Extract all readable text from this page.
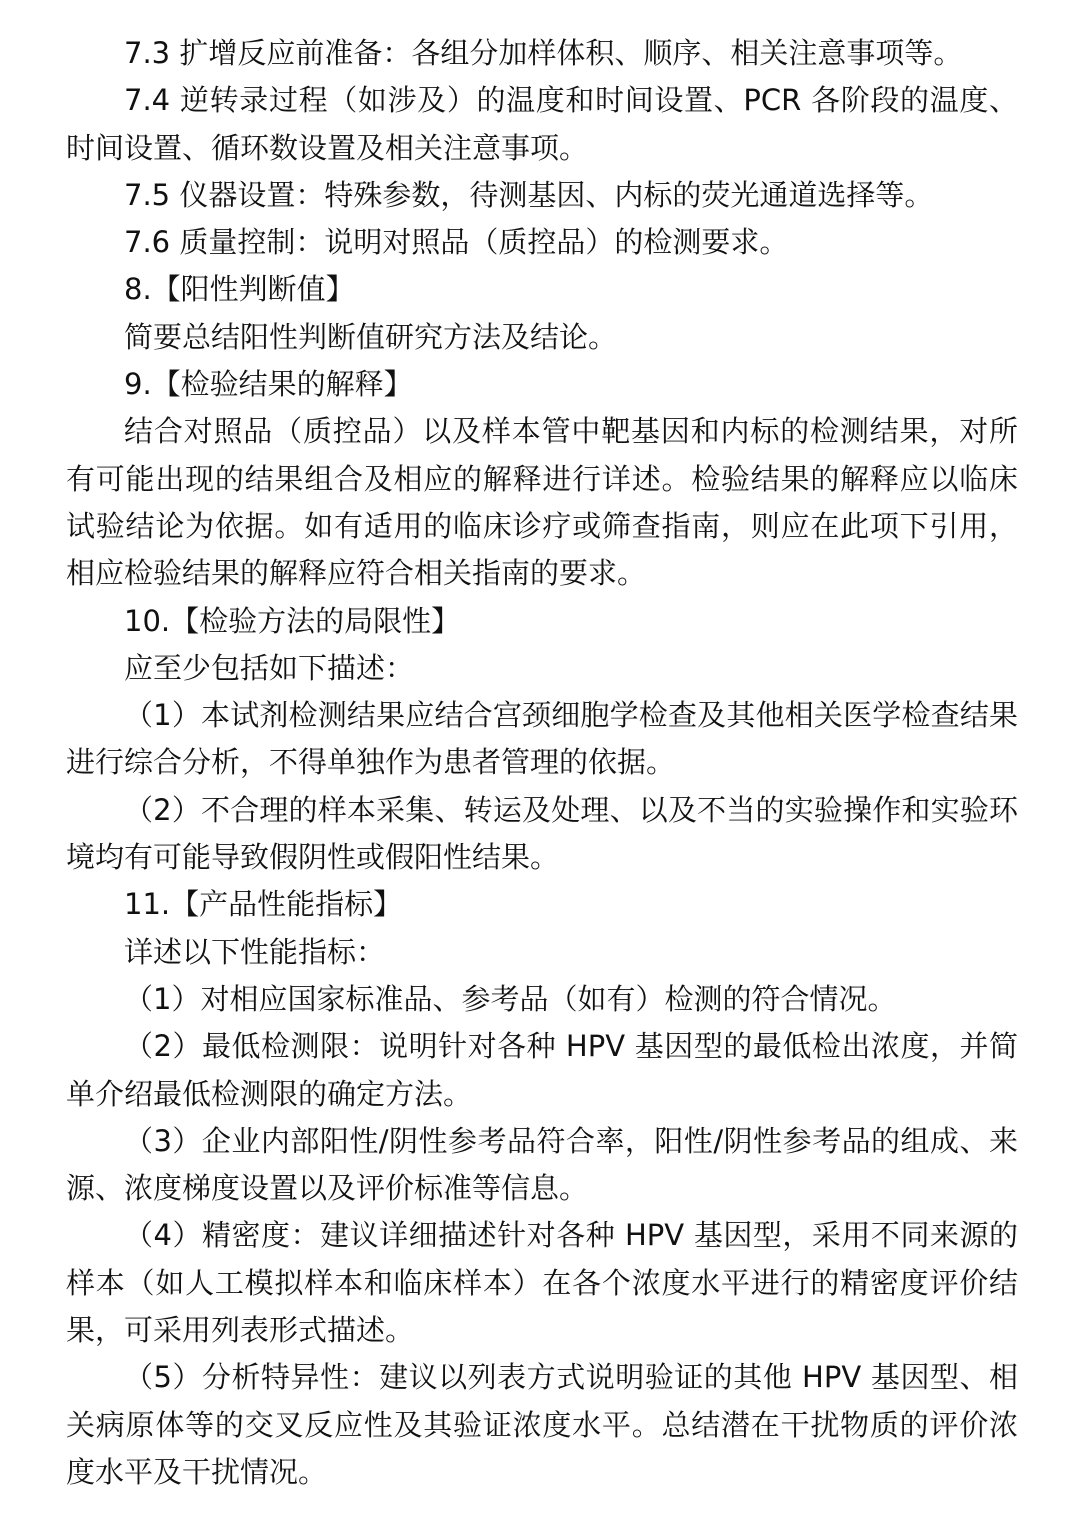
7.3 扩增反应前准备：各组分加样体积、顺序、相关注意事项等。

7.4 逆转录过程（如涉及）的温度和时间设置、PCR 各阶段的温度、时间设置、循环数设置及相关注意事项。

7.5 仪器设置：特殊参数，待测基因、内标的荧光通道选择等。

7.6 质量控制：说明对照品（质控品）的检测要求。

8.【阳性判断值】

简要总结阳性判断值研究方法及结论。

9.【检验结果的解释】

结合对照品（质控品）以及样本管中靶基因和内标的检测结果，对所有可能出现的结果组合及相应的解释进行详述。检验结果的解释应以临床试验结论为依据。如有适用的临床诊疗或筛查指南，则应在此项下引用，相应检验结果的解释应符合相关指南的要求。

10.【检验方法的局限性】

应至少包括如下描述：

（1）本试剂检测结果应结合宫颈细胞学检查及其他相关医学检查结果进行综合分析，不得单独作为患者管理的依据。

（2）不合理的样本采集、转运及处理、以及不当的实验操作和实验环境均有可能导致假阴性或假阳性结果。

11.【产品性能指标】

详述以下性能指标：

（1）对相应国家标准品、参考品（如有）检测的符合情况。

（2）最低检测限：说明针对各种 HPV 基因型的最低检出浓度，并简单介绍最低检测限的确定方法。

（3）企业内部阳性/阴性参考品符合率，阳性/阴性参考品的组成、来源、浓度梯度设置以及评价标准等信息。

（4）精密度：建议详细描述针对各种 HPV 基因型，采用不同来源的样本（如人工模拟样本和临床样本）在各个浓度水平进行的精密度评价结果，可采用列表形式描述。

（5）分析特异性：建议以列表方式说明验证的其他 HPV 基因型、相关病原体等的交叉反应性及其验证浓度水平。总结潜在干扰物质的评价浓度水平及干扰情况。
